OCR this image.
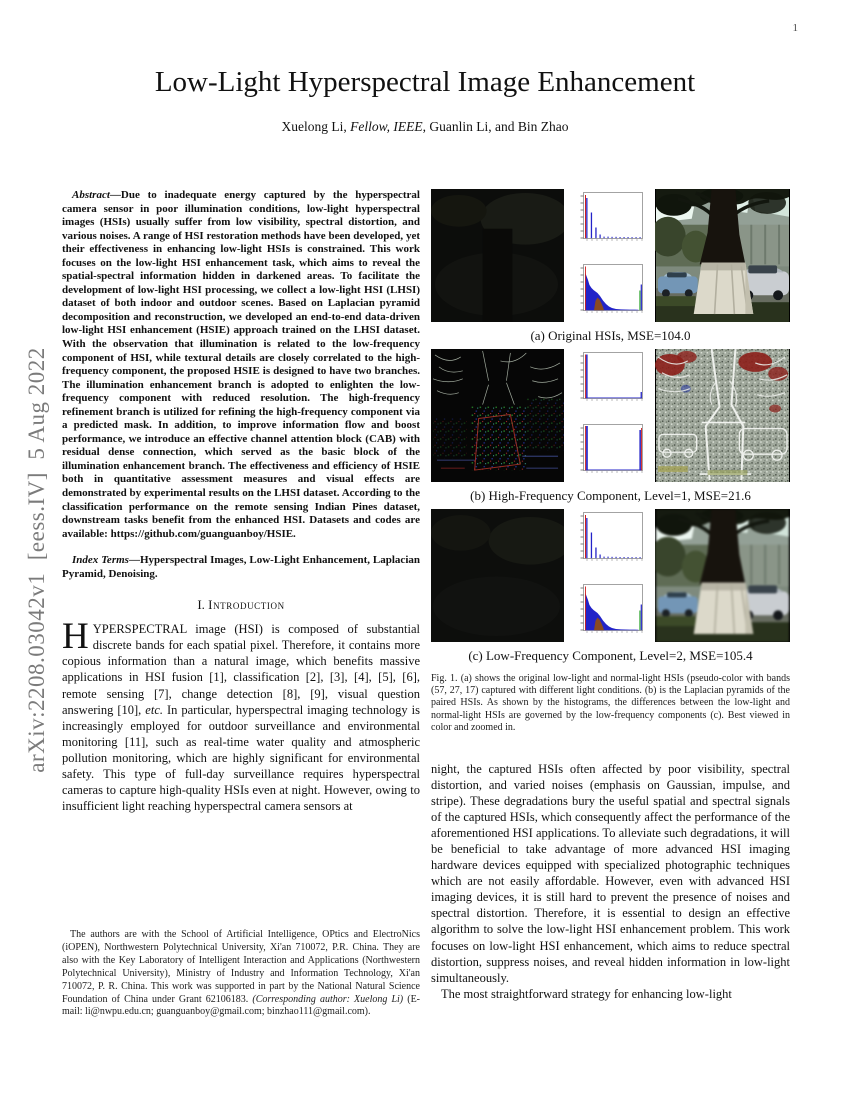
1
arXiv:2208.03042v1  [eess.IV]  5 Aug 2022
Low-Light Hyperspectral Image Enhancement
Xuelong Li, Fellow, IEEE, Guanlin Li, and Bin Zhao

Abstract—Due to inadequate energy captured by the hyperspectral camera sensor in poor illumination conditions, low-light hyperspectral images (HSIs) usually suffer from low visibility, spectral distortion, and various noises. A range of HSI restoration methods have been developed, yet their effectiveness in enhancing low-light HSIs is constrained. This work focuses on the low-light HSI enhancement task, which aims to reveal the spatial-spectral information hidden in darkened areas. To facilitate the development of low-light HSI processing, we collect a low-light HSI (LHSI) dataset of both indoor and outdoor scenes. Based on Laplacian pyramid decomposition and reconstruction, we developed an end-to-end data-driven low-light HSI enhancement (HSIE) approach trained on the LHSI dataset. With the observation that illumination is related to the low-frequency component of HSI, while textural details are closely correlated to the high-frequency component, the proposed HSIE is designed to have two branches. The illumination enhancement branch is adopted to enlighten the low-frequency component with reduced resolution. The high-frequency refinement branch is utilized for refining the high-frequency component via a predicted mask. In addition, to improve information flow and boost performance, we introduce an effective channel attention block (CAB) with residual dense connection, which served as the basic block of the illumination enhancement branch. The effectiveness and efficiency of HSIE both in quantitative assessment measures and visual effects are demonstrated by experimental results on the LHSI dataset. According to the classification performance on the remote sensing Indian Pines dataset, downstream tasks benefit from the enhanced HSI. Datasets and codes are available: https://github.com/guanguanboy/HSIE.

Index Terms—Hyperspectral Images, Low-Light Enhancement, Laplacian Pyramid, Denoising.

I. Introduction

HYPERSPECTRAL image (HSI) is composed of substantial discrete bands for each spatial pixel. Therefore, it contains more copious information than a natural image, which benefits massive applications in HSI fusion [1], classification [2], [3], [4], [5], [6], remote sensing [7], change detection [8], [9], visual question answering [10], etc. In particular, hyperspectral imaging technology is increasingly employed for outdoor surveillance and environmental monitoring [11], such as real-time water quality and atmospheric pollution monitoring, which are highly significant for environmental safety. This type of full-day surveillance requires hyperspectral cameras to capture high-quality HSIs even at night. However, owing to insufficient light reaching hyperspectral camera sensors at

The authors are with the School of Artificial Intelligence, OPtics and ElectroNics (iOPEN), Northwestern Polytechnical University, Xi'an 710072, P.R. China. They are also with the Key Laboratory of Intelligent Interaction and Applications (Northwestern Polytechnical University), Ministry of Industry and Information Technology, Xi'an 710072, P. R. China. This work was supported in part by the National Natural Science Foundation of China under Grant 62106183. (Corresponding author: Xuelong Li) (E-mail: li@nwpu.edu.cn; guanguanboy@gmail.com; binzhao111@gmail.com).
(a) Original HSIs, MSE=104.0
(b) High-Frequency Component, Level=1, MSE=21.6
(c) Low-Frequency Component, Level=2, MSE=105.4

Fig. 1. (a) shows the original low-light and normal-light HSIs (pseudo-color with bands (57, 27, 17) captured with different light conditions. (b) is the Laplacian pyramids of the paired HSIs. As shown by the histograms, the differences between the low-light and normal-light HSIs are governed by the low-frequency components (c). Best viewed in color and zoomed in.

night, the captured HSIs often affected by poor visibility, spectral distortion, and varied noises (emphasis on Gaussian, impulse, and stripe). These degradations bury the useful spatial and spectral signals of the captured HSIs, which consequently affect the performance of the aforementioned HSI applications. To alleviate such degradations, it will be beneficial to take advantage of more advanced HSI imaging hardware devices equipped with specialized photographic techniques which are not easily affordable. However, even with advanced HSI imaging devices, it is still hard to prevent the presence of noises and spectral distortion. Therefore, it is essential to design an effective algorithm to solve the low-light HSI enhancement problem. This work focuses on low-light HSI enhancement, which aims to reduce spectral distortion, suppress noises, and reveal hidden information in low-light simultaneously.

The most straightforward strategy for enhancing low-light
